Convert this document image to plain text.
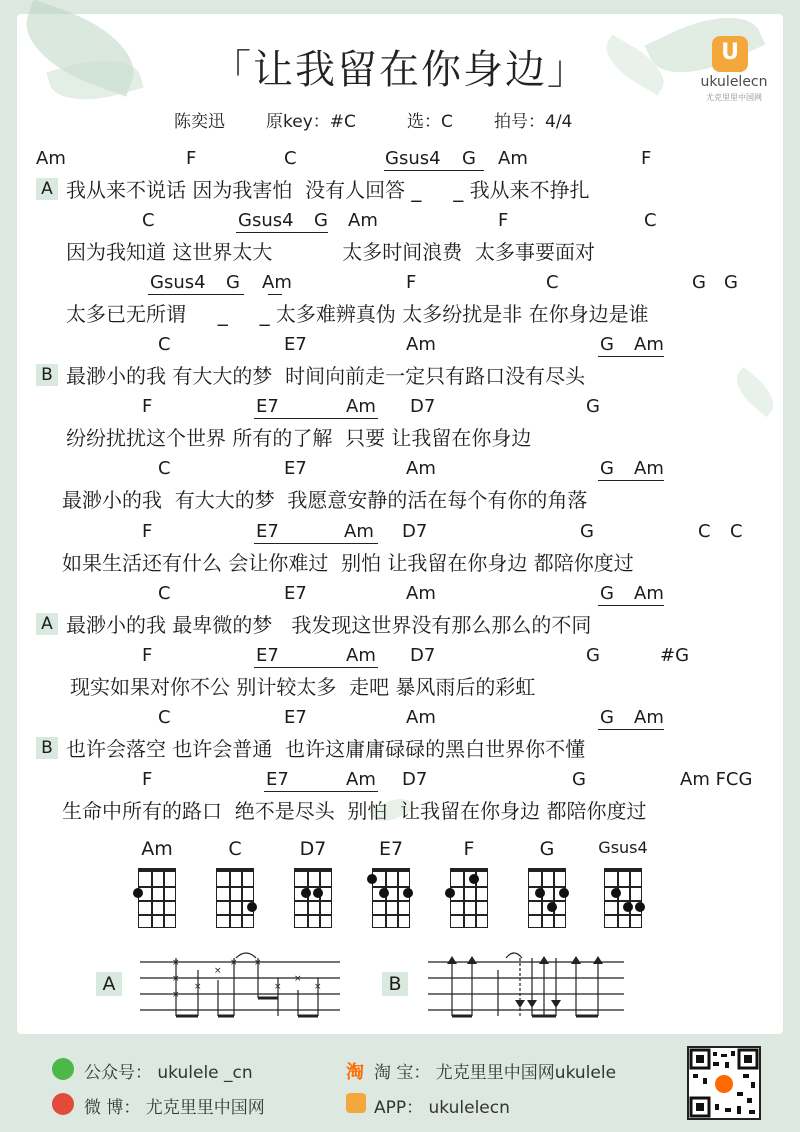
「让我留在你身边」	U
ukulelecn
尤克里里中国网
陈奕迅 原key：#C	选：C 拍号：4/4
Am	F	C	Gsus4 G Am	F
A 我从来不说话 因为我害怕  没有人回答 _     _ 我从来不挣扎
C	Gsus4 G Am	F	C
因为我知道 这世界太大           太多时间浪费  太多事要面对
Gsus4 G Am	F	C	G G
太多已无所谓     _     _ 太多难辨真伪 太多纷扰是非 在你身边是谁
C	E7	Am	G Am
B 最渺小的我 有大大的梦  时间向前走一定只有路口没有尽头
F	E7	Am D7	G
纷纷扰扰这个世界 所有的了解  只要 让我留在你身边
C	E7	Am	G Am
最渺小的我  有大大的梦  我愿意安静的活在每个有你的角落
F	E7	Am D7	G	C C
如果生活还有什么 会让你难过  别怕 让我留在你身边 都陪你度过
C	E7	Am	G Am
A 最渺小的我 最卑微的梦   我发现这世界没有那么那么的不同
F	E7	Am D7	G	#G
现实如果对你不公 别计较太多  走吧 暴风雨后的彩虹
C	E7	Am	G Am
B 也许会落空 也许会普通  也许这庸庸碌碌的黑白世界你不懂
F	E7	Am D7	G	Am FCG
生命中所有的路口  绝不是尽头  别怕  让我留在你身边 都陪你度过
Am	C	D7	E7	F	G	Gsus4
A
×
×
×
×
×
× ×
×
×
×	B
公众号： ukulele _cn
微 博： 尤克里里中国网
淘 淘 宝： 尤克里里中国网ukulele
APP： ukulelecn
